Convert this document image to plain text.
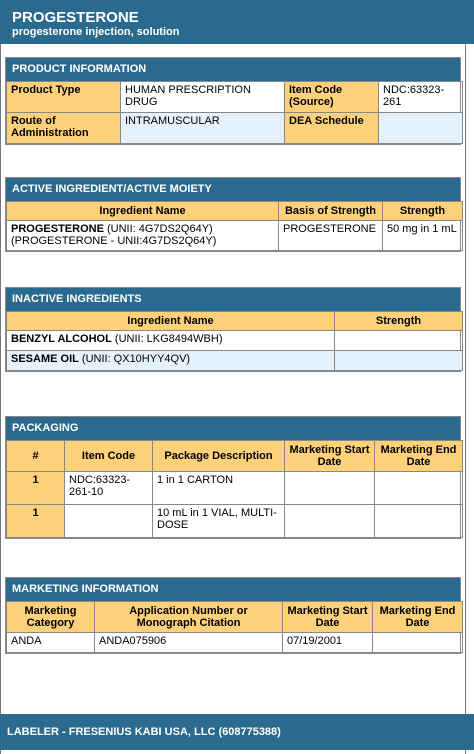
PROGESTERONE
progesterone injection, solution
PRODUCT INFORMATION
Product Type	HUMAN PRESCRIPTION DRUG	Item Code (Source)	NDC:63323-261
Route of Administration	INTRAMUSCULAR	DEA Schedule	
ACTIVE INGREDIENT/ACTIVE MOIETY
Ingredient Name	Basis of Strength	Strength
PROGESTERONE (UNII: 4G7DS2Q64Y)
(PROGESTERONE - UNII:4G7DS2Q64Y)	PROGESTERONE	50 mg in 1 mL
INACTIVE INGREDIENTS
Ingredient Name	Strength
BENZYL ALCOHOL (UNII: LKG8494WBH)	
SESAME OIL (UNII: QX10HYY4QV)	
PACKAGING
#	Item Code	Package Description	Marketing Start Date	Marketing End Date
1	NDC:63323-261-10	1 in 1 CARTON		
1		10 mL in 1 VIAL, MULTI-DOSE		
MARKETING INFORMATION
Marketing Category	Application Number or Monograph Citation	Marketing Start Date	Marketing End Date
ANDA	ANDA075906	07/19/2001	
LABELER - FRESENIUS KABI USA, LLC (608775388)
